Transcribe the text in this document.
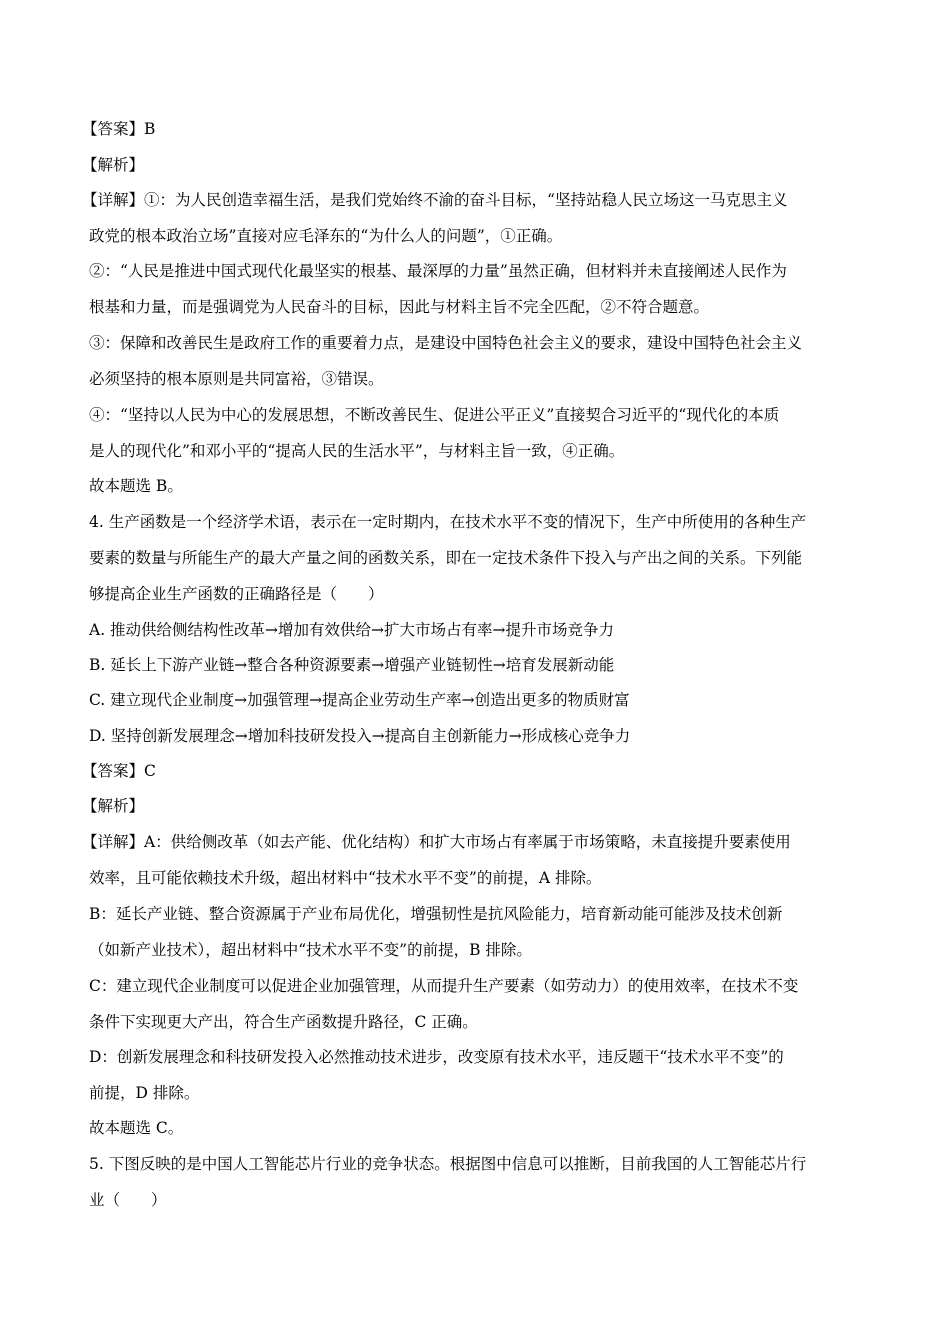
【答案】B
【解析】
【详解】①：为人民创造幸福生活，是我们党始终不渝的奋斗目标，“坚持站稳人民立场这一马克思主义
政党的根本政治立场”直接对应毛泽东的“为什么人的问题”，①正确。
②：“人民是推进中国式现代化最坚实的根基、最深厚的力量”虽然正确，但材料并未直接阐述人民作为
根基和力量，而是强调党为人民奋斗的目标，因此与材料主旨不完全匹配，②不符合题意。
③：保障和改善民生是政府工作的重要着力点，是建设中国特色社会主义的要求，建设中国特色社会主义
必须坚持的根本原则是共同富裕，③错误。
④：“坚持以人民为中心的发展思想，不断改善民生、促进公平正义”直接契合习近平的“现代化的本质
是人的现代化”和邓小平的“提高人民的生活水平”，与材料主旨一致，④正确。
故本题选 B。
4. 生产函数是一个经济学术语，表示在一定时期内，在技术水平不变的情况下，生产中所使用的各种生产
要素的数量与所能生产的最大产量之间的函数关系，即在一定技术条件下投入与产出之间的关系。下列能
够提高企业生产函数的正确路径是（　　）
A. 推动供给侧结构性改革→增加有效供给→扩大市场占有率→提升市场竞争力
B. 延长上下游产业链→整合各种资源要素→增强产业链韧性→培育发展新动能
C. 建立现代企业制度→加强管理→提高企业劳动生产率→创造出更多的物质财富
D. 坚持创新发展理念→增加科技研发投入→提高自主创新能力→形成核心竞争力
【答案】C
【解析】
【详解】A：供给侧改革（如去产能、优化结构）和扩大市场占有率属于市场策略，未直接提升要素使用
效率，且可能依赖技术升级，超出材料中“技术水平不变”的前提，A 排除。
B：延长产业链、整合资源属于产业布局优化，增强韧性是抗风险能力，培育新动能可能涉及技术创新
（如新产业技术），超出材料中“技术水平不变”的前提，B 排除。
C：建立现代企业制度可以促进企业加强管理，从而提升生产要素（如劳动力）的使用效率，在技术不变
条件下实现更大产出，符合生产函数提升路径，C 正确。
D：创新发展理念和科技研发投入必然推动技术进步，改变原有技术水平，违反题干“技术水平不变”的
前提，D 排除。
故本题选 C。
5. 下图反映的是中国人工智能芯片行业的竞争状态。根据图中信息可以推断，目前我国的人工智能芯片行
业（　　）
